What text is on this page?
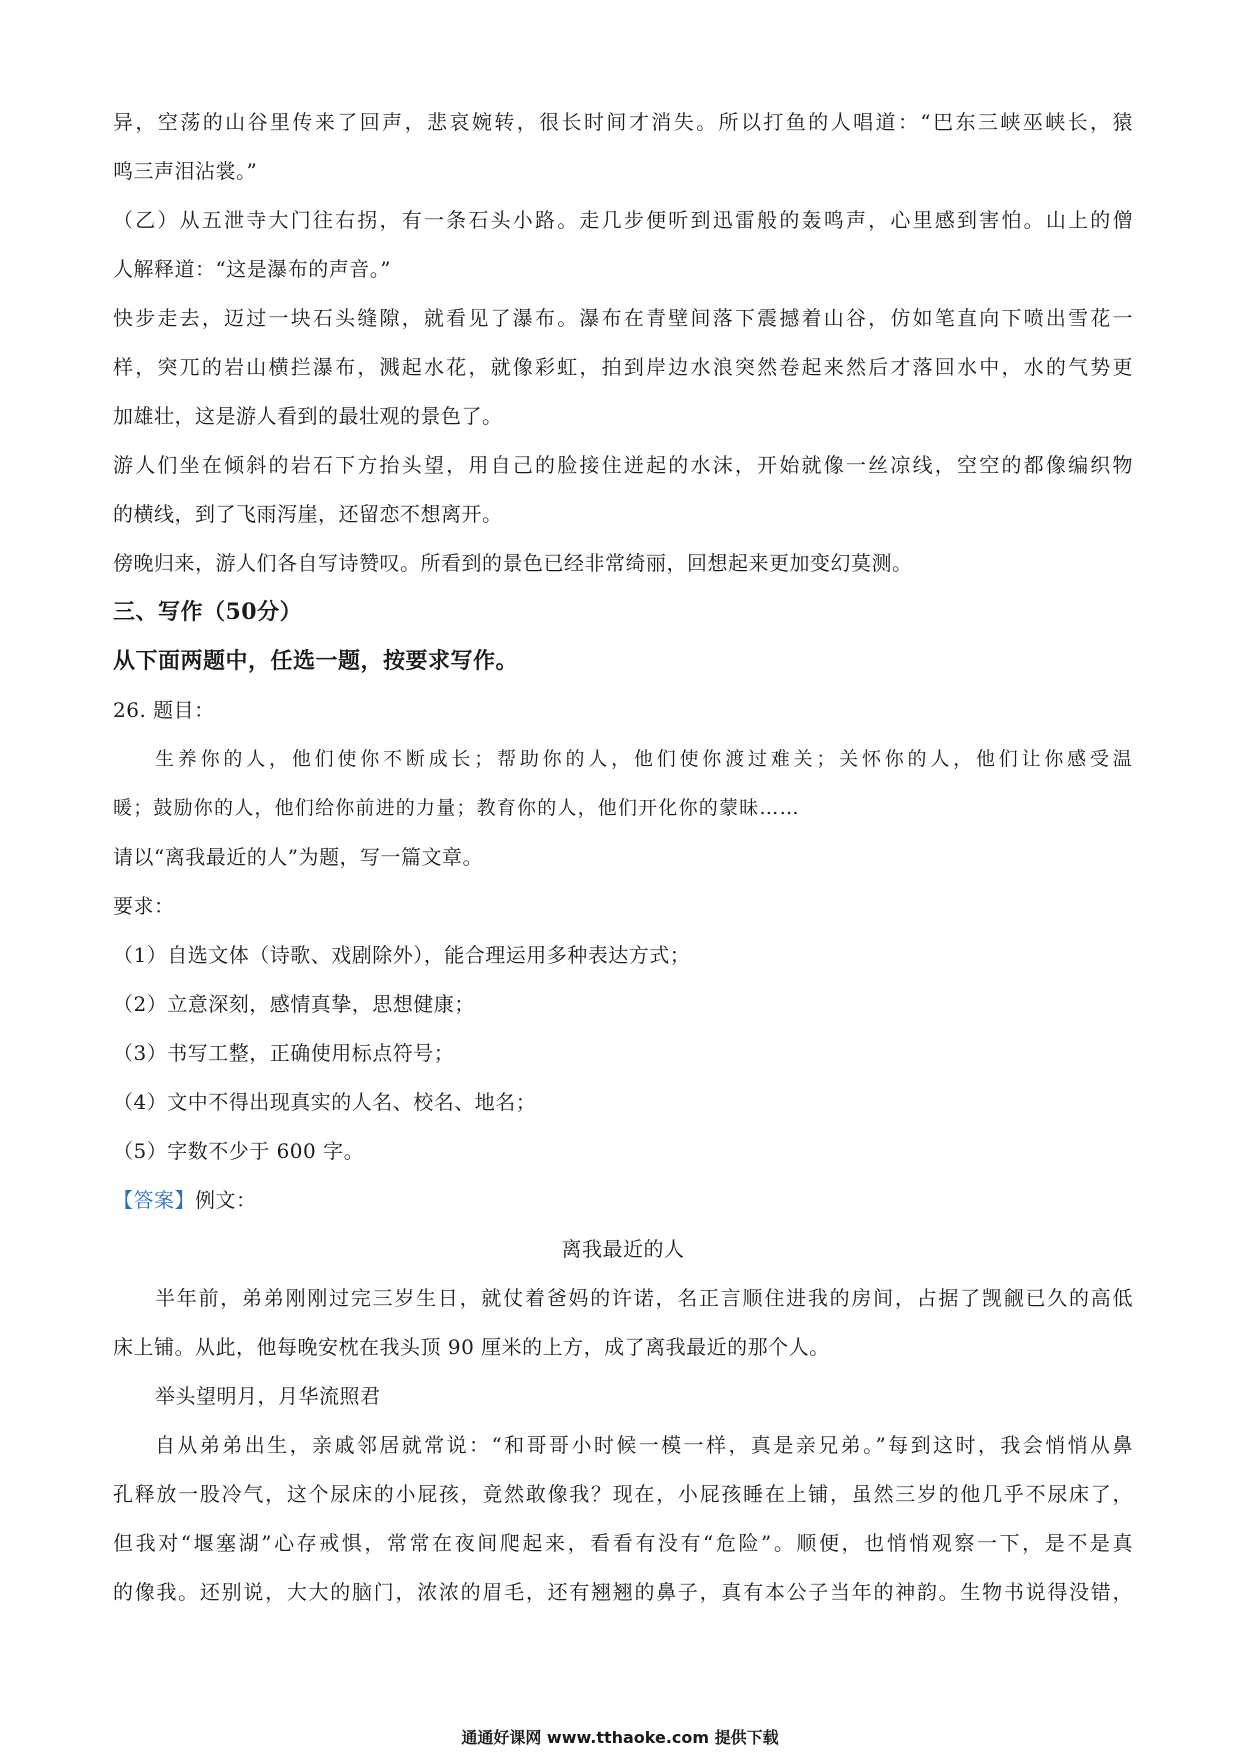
异，空荡的山谷里传来了回声，悲哀婉转，很长时间才消失。所以打鱼的人唱道：“巴东三峡巫峡长，猿
鸣三声泪沾裳。”
（乙）从五泄寺大门往右拐，有一条石头小路。走几步便听到迅雷般的轰鸣声，心里感到害怕。山上的僧
人解释道：“这是瀑布的声音。”
快步走去，迈过一块石头缝隙，就看见了瀑布。瀑布在青壁间落下震撼着山谷，仿如笔直向下喷出雪花一
样，突兀的岩山横拦瀑布，溅起水花，就像彩虹，拍到岸边水浪突然卷起来然后才落回水中，水的气势更
加雄壮，这是游人看到的最壮观的景色了。
游人们坐在倾斜的岩石下方抬头望，用自己的脸接住迸起的水沫，开始就像一丝凉线，空空的都像编织物
的横线，到了飞雨泻崖，还留恋不想离开。
傍晚归来，游人们各自写诗赞叹。所看到的景色已经非常绮丽，回想起来更加变幻莫测。
三、写作（50分）
从下面两题中，任选一题，按要求写作。
26. 题目：
生养你的人，他们使你不断成长；帮助你的人，他们使你渡过难关；关怀你的人，他们让你感受温
暖；鼓励你的人，他们给你前进的力量；教育你的人，他们开化你的蒙昧……
请以“离我最近的人”为题，写一篇文章。
要求：
（1）自选文体（诗歌、戏剧除外），能合理运用多种表达方式；
（2）立意深刻，感情真挚，思想健康；
（3）书写工整，正确使用标点符号；
（4）文中不得出现真实的人名、校名、地名；
（5）字数不少于 600 字。
【答案】例文：
离我最近的人
半年前，弟弟刚刚过完三岁生日，就仗着爸妈的许诺，名正言顺住进我的房间，占据了觊觎已久的高低
床上铺。从此，他每晚安枕在我头顶 90 厘米的上方，成了离我最近的那个人。
举头望明月，月华流照君
自从弟弟出生，亲戚邻居就常说：“和哥哥小时候一模一样，真是亲兄弟。”每到这时，我会悄悄从鼻
孔释放一股冷气，这个尿床的小屁孩，竟然敢像我？现在，小屁孩睡在上铺，虽然三岁的他几乎不尿床了，
但我对“堰塞湖”心存戒惧，常常在夜间爬起来，看看有没有“危险”。顺便，也悄悄观察一下，是不是真
的像我。还别说，大大的脑门，浓浓的眉毛，还有翘翘的鼻子，真有本公子当年的神韵。生物书说得没错，
通通好课网 www.tthaoke.com 提供下载
